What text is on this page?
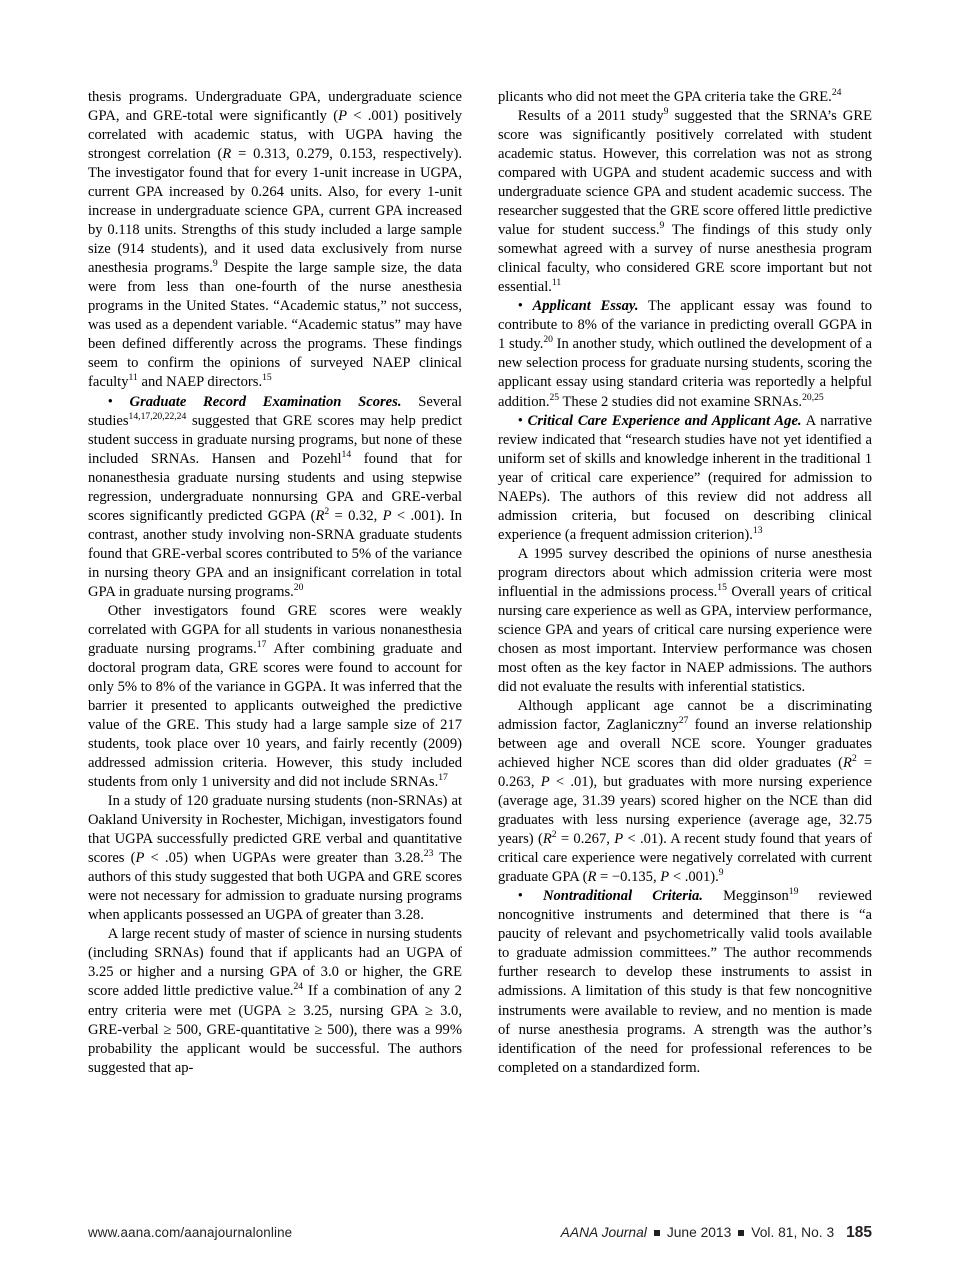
thesis programs. Undergraduate GPA, undergraduate science GPA, and GRE-total were significantly (P < .001) positively correlated with academic status, with UGPA having the strongest correlation (R = 0.313, 0.279, 0.153, respectively). The investigator found that for every 1-unit increase in UGPA, current GPA increased by 0.264 units. Also, for every 1-unit increase in undergraduate science GPA, current GPA increased by 0.118 units. Strengths of this study included a large sample size (914 students), and it used data exclusively from nurse anesthesia programs.$^9$ Despite the large sample size, the data were from less than one-fourth of the nurse anesthesia programs in the United States. “Academic status,” not success, was used as a dependent variable. “Academic status” may have been defined differently across the programs. These findings seem to confirm the opinions of surveyed NAEP clinical faculty$^{11}$ and NAEP directors.$^{15}$

• Graduate Record Examination Scores. Several studies$^{14,17,20,22,24}$ suggested that GRE scores may help predict student success in graduate nursing programs, but none of these included SRNAs. Hansen and Pozehl$^{14}$ found that for nonanesthesia graduate nursing students and using stepwise regression, undergraduate nonnursing GPA and GRE-verbal scores significantly predicted GGPA ($R^2 = 0.32$, P < .001). In contrast, another study involving non-SRNA graduate students found that GRE-verbal scores contributed to 5% of the variance in nursing theory GPA and an insignificant correlation in total GPA in graduate nursing programs.$^{20}$

Other investigators found GRE scores were weakly correlated with GGPA for all students in various nonanesthesia graduate nursing programs.$^{17}$ After combining graduate and doctoral program data, GRE scores were found to account for only 5% to 8% of the variance in GGPA. It was inferred that the barrier it presented to applicants outweighed the predictive value of the GRE. This study had a large sample size of 217 students, took place over 10 years, and fairly recently (2009) addressed admission criteria. However, this study included students from only 1 university and did not include SRNAs.$^{17}$

In a study of 120 graduate nursing students (non-SRNAs) at Oakland University in Rochester, Michigan, investigators found that UGPA successfully predicted GRE verbal and quantitative scores (P < .05) when UGPAs were greater than 3.28.23 The authors of this study suggested that both UGPA and GRE scores were not necessary for admission to graduate nursing programs when applicants possessed an UGPA of greater than 3.28.

A large recent study of master of science in nursing students (including SRNAs) found that if applicants had an UGPA of 3.25 or higher and a nursing GPA of 3.0 or higher, the GRE score added little predictive value.$^{24}$ If a combination of any 2 entry criteria were met (UGPA ≥ 3.25, nursing GPA ≥ 3.0, GRE-verbal ≥ 500, GRE-quantitative ≥ 500), there was a 99% probability the applicant would be successful. The authors suggested that ap-

plicants who did not meet the GPA criteria take the GRE.$^{24}$

Results of a 2011 study$^9$ suggested that the SRNA’s GRE score was significantly positively correlated with student academic status. However, this correlation was not as strong compared with UGPA and student academic success and with undergraduate science GPA and student academic success. The researcher suggested that the GRE score offered little predictive value for student success.$^9$ The findings of this study only somewhat agreed with a survey of nurse anesthesia program clinical faculty, who considered GRE score important but not essential.$^{11}$

• Applicant Essay. The applicant essay was found to contribute to 8% of the variance in predicting overall GGPA in 1 study.$^{20}$ In another study, which outlined the development of a new selection process for graduate nursing students, scoring the applicant essay using standard criteria was reportedly a helpful addition.$^{25}$ These 2 studies did not examine SRNAs.$^{20,25}$

• Critical Care Experience and Applicant Age. A narrative review indicated that “research studies have not yet identified a uniform set of skills and knowledge inherent in the traditional 1 year of critical care experience” (required for admission to NAEPs). The authors of this review did not address all admission criteria, but focused on describing clinical experience (a frequent admission criterion).$^{13}$

A 1995 survey described the opinions of nurse anesthesia program directors about which admission criteria were most influential in the admissions process.$^{15}$ Overall years of critical nursing care experience as well as GPA, interview performance, science GPA and years of critical care nursing experience were chosen as most important. Interview performance was chosen most often as the key factor in NAEP admissions. The authors did not evaluate the results with inferential statistics.

Although applicant age cannot be a discriminating admission factor, Zaglaniczny$^{27}$ found an inverse relationship between age and overall NCE score. Younger graduates achieved higher NCE scores than did older graduates ($R^2 = 0.263$, P < .01), but graduates with more nursing experience (average age, 31.39 years) scored higher on the NCE than did graduates with less nursing experience (average age, 32.75 years) ($R^2 = 0.267$, P < .01). A recent study found that years of critical care experience were negatively correlated with current graduate GPA (R = −0.135, P < .001).$^9$

• Nontraditional Criteria. Megginson$^{19}$ reviewed noncognitive instruments and determined that there is “a paucity of relevant and psychometrically valid tools available to graduate admission committees.” The author recommends further research to develop these instruments to assist in admissions. A limitation of this study is that few noncognitive instruments were available to review, and no mention is made of nurse anesthesia programs. A strength was the author’s identification of the need for professional references to be completed on a standardized form.

www.aana.com/aanajournalonline	AANA Journal June 2013 Vol. 81, No. 3 185
